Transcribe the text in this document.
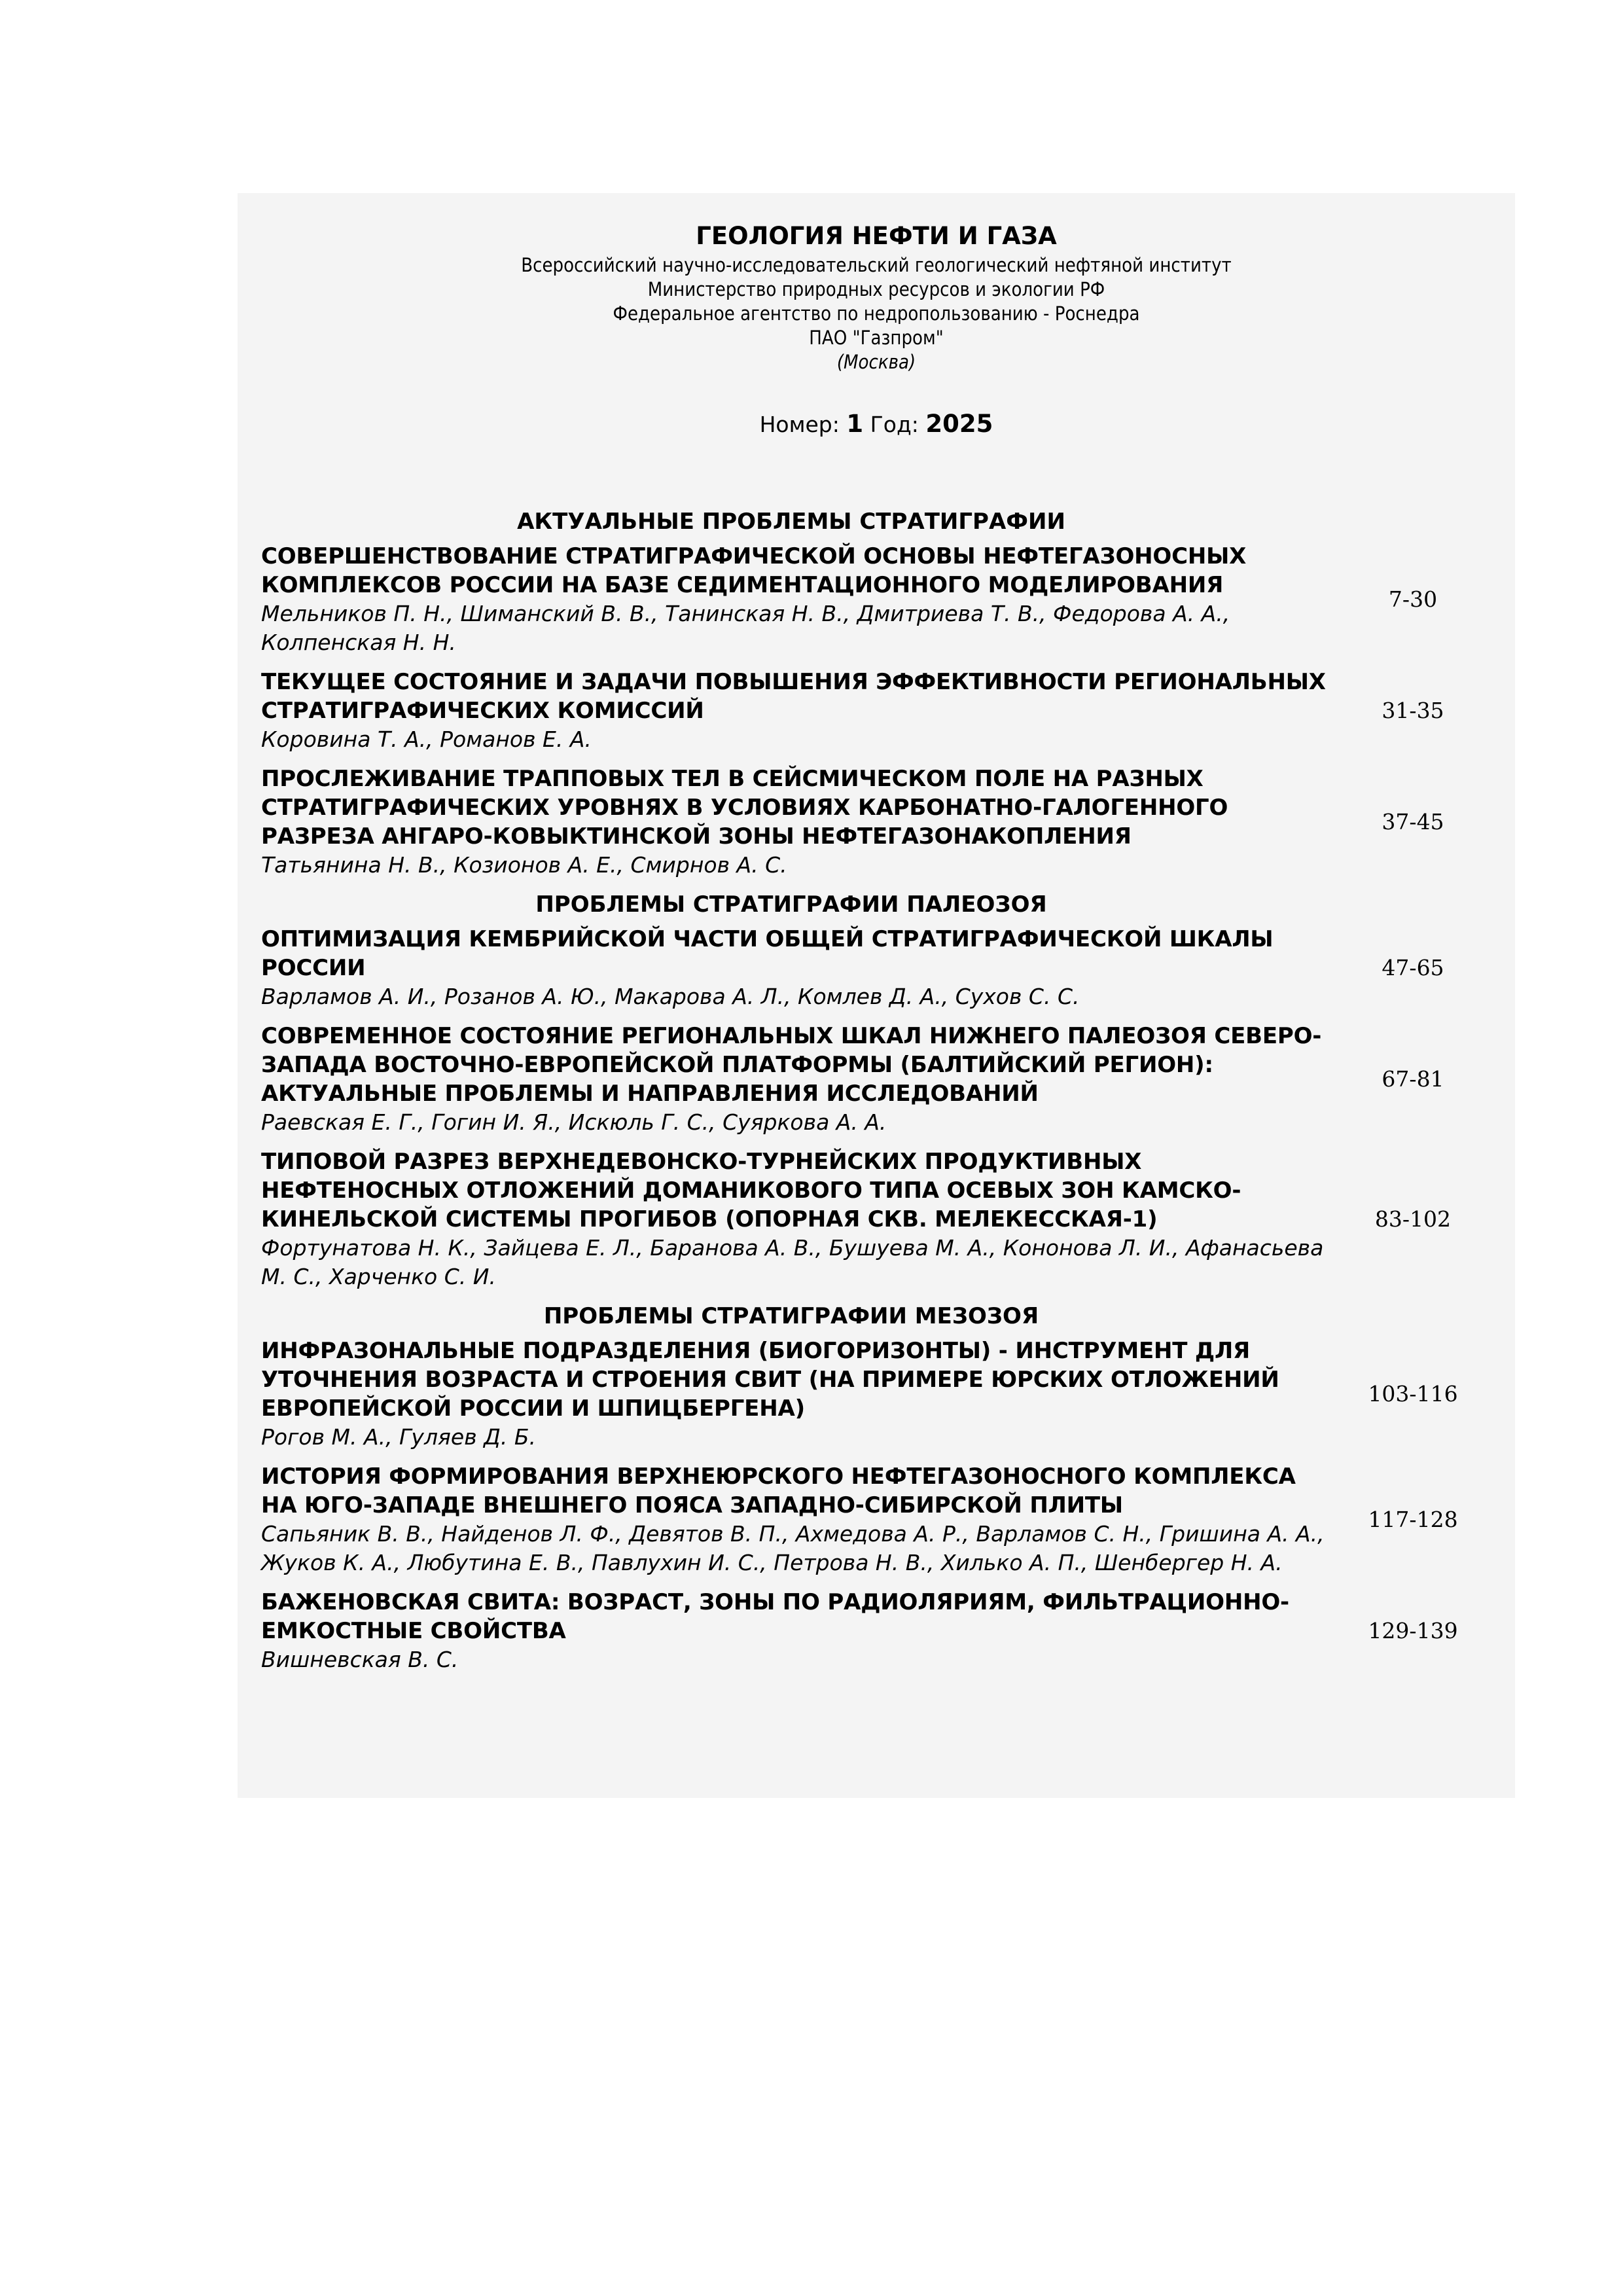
ГЕОЛОГИЯ НЕФТИ И ГАЗА

Всероссийский научно-исследовательский геологический нефтяной институт

Министерство природных ресурсов и экологии РФ

Федеральное агентство по недропользованию - Роснедра

ПАО "Газпром"

(Москва)

Номер: 1 Год: 2025

АКТУАЛЬНЫЕ ПРОБЛЕМЫ СТРАТИГРАФИИ

СОВЕРШЕНСТВОВАНИЕ СТРАТИГРАФИЧЕСКОЙ ОСНОВЫ НЕФТЕГАЗОНОСНЫХ КОМПЛЕКСОВ РОССИИ НА БАЗЕ СЕДИМЕНТАЦИОННОГО МОДЕЛИРОВАНИЯ

Мельников П. Н., Шиманский В. В., Танинская Н. В., Дмитриева Т. В., Федорова А. А., Колпенская Н. Н.

7-30

ТЕКУЩЕЕ СОСТОЯНИЕ И ЗАДАЧИ ПОВЫШЕНИЯ ЭФФЕКТИВНОСТИ РЕГИОНАЛЬНЫХ СТРАТИГРАФИЧЕСКИХ КОМИССИЙ

Коровина Т. А., Романов Е. А.

31-35

ПРОСЛЕЖИВАНИЕ ТРАППОВЫХ ТЕЛ В СЕЙСМИЧЕСКОМ ПОЛЕ НА РАЗНЫХ СТРАТИГРАФИЧЕСКИХ УРОВНЯХ В УСЛОВИЯХ КАРБОНАТНО-ГАЛОГЕННОГО РАЗРЕЗА АНГАРО-КОВЫКТИНСКОЙ ЗОНЫ НЕФТЕГАЗОНАКОПЛЕНИЯ

Татьянина Н. В., Козионов А. Е., Смирнов А. С.

37-45

ПРОБЛЕМЫ СТРАТИГРАФИИ ПАЛЕОЗОЯ

ОПТИМИЗАЦИЯ КЕМБРИЙСКОЙ ЧАСТИ ОБЩЕЙ СТРАТИГРАФИЧЕСКОЙ ШКАЛЫ РОССИИ

Варламов А. И., Розанов А. Ю., Макарова А. Л., Комлев Д. А., Сухов С. С.

47-65

СОВРЕМЕННОЕ СОСТОЯНИЕ РЕГИОНАЛЬНЫХ ШКАЛ НИЖНЕГО ПАЛЕОЗОЯ СЕВЕРО-ЗАПАДА ВОСТОЧНО-ЕВРОПЕЙСКОЙ ПЛАТФОРМЫ (БАЛТИЙСКИЙ РЕГИОН): АКТУАЛЬНЫЕ ПРОБЛЕМЫ И НАПРАВЛЕНИЯ ИССЛЕДОВАНИЙ

Раевская Е. Г., Гогин И. Я., Искюль Г. С., Суяркова А. А.

67-81

ТИПОВОЙ РАЗРЕЗ ВЕРХНЕДЕВОНСКО-ТУРНЕЙСКИХ ПРОДУКТИВНЫХ НЕФТЕНОСНЫХ ОТЛОЖЕНИЙ ДОМАНИКОВОГО ТИПА ОСЕВЫХ ЗОН КАМСКО-КИНЕЛЬСКОЙ СИСТЕМЫ ПРОГИБОВ (ОПОРНАЯ СКВ. МЕЛЕКЕССКАЯ-1)

Фортунатова Н. К., Зайцева Е. Л., Баранова А. В., Бушуева М. А., Кононова Л. И., Афанасьева М. С., Харченко С. И.

83-102

ПРОБЛЕМЫ СТРАТИГРАФИИ МЕЗОЗОЯ

ИНФРАЗОНАЛЬНЫЕ ПОДРАЗДЕЛЕНИЯ (БИОГОРИЗОНТЫ) - ИНСТРУМЕНТ ДЛЯ УТОЧНЕНИЯ ВОЗРАСТА И СТРОЕНИЯ СВИТ (НА ПРИМЕРЕ ЮРСКИХ ОТЛОЖЕНИЙ ЕВРОПЕЙСКОЙ РОССИИ И ШПИЦБЕРГЕНА)

Рогов М. А., Гуляев Д. Б.

103-116

ИСТОРИЯ ФОРМИРОВАНИЯ ВЕРХНЕЮРСКОГО НЕФТЕГАЗОНОСНОГО КОМПЛЕКСА НА ЮГО-ЗАПАДЕ ВНЕШНЕГО ПОЯСА ЗАПАДНО-СИБИРСКОЙ ПЛИТЫ

Сапьяник В. В., Найденов Л. Ф., Девятов В. П., Ахмедова А. Р., Варламов С. Н., Гришина А. А., Жуков К. А., Любутина Е. В., Павлухин И. С., Петрова Н. В., Хилько А. П., Шенбергер Н. А.

117-128

БАЖЕНОВСКАЯ СВИТА: ВОЗРАСТ, ЗОНЫ ПО РАДИОЛЯРИЯМ, ФИЛЬТРАЦИОННО-ЕМКОСТНЫЕ СВОЙСТВА

Вишневская В. С.

129-139
